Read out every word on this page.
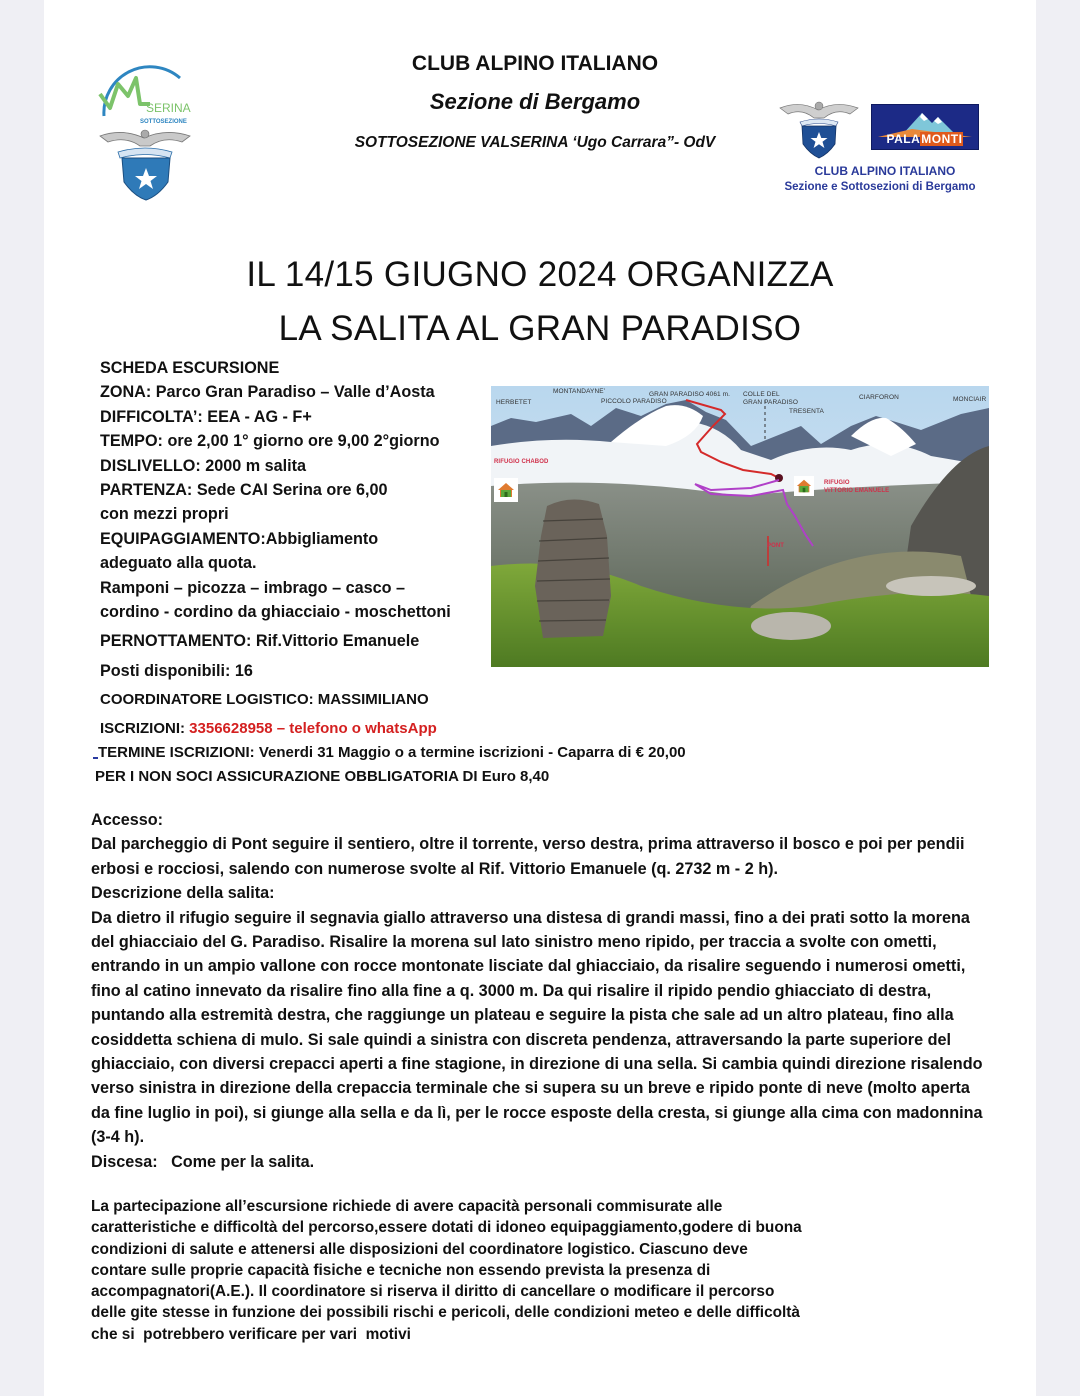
SERINA
SOTTOSEZIONE
CLUB ALPINO ITALIANO
Sezione di Bergamo
SOTTOSEZIONE VALSERINA ‘Ugo Carrara”- OdV	PALAMONTI
CLUB ALPINO ITALIANO
Sezione e Sottosezioni di Bergamo
IL 14/15 GIUGNO 2024 ORGANIZZA
LA SALITA AL GRAN PARADISO
SCHEDA ESCURSIONE
ZONA: Parco Gran Paradiso – Valle d’Aosta
DIFFICOLTA’: EEA - AG - F+
TEMPO: ore 2,00 1° giorno ore 9,00 2°giorno
DISLIVELLO: 2000 m salita
PARTENZA: Sede CAI Serina ore 6,00
con mezzi propri
EQUIPAGGIAMENTO:Abbigliamento
adeguato alla quota.
Ramponi – picozza – imbrago – casco –
cordino - cordino da ghiacciaio - moschettoni
PERNOTTAMENTO: Rif.Vittorio Emanuele
Posti disponibili: 16
COORDINATORE LOGISTICO: MASSIMILIANO
ISCRIZIONI: 3356628958 – telefono o whatsApp
TERMINE ISCRIZIONI: Venerdi 31 Maggio o a termine iscrizioni - Caparra di € 20,00
PER I NON SOCI ASSICURAZIONE OBBLIGATORIA DI Euro 8,40
HERBETET
MONTANDAYNE’
PICCOLO PARADISO
GRAN PARADISO 4061 m. COLLE DEL
GRAN PARADISO
TRESENTA
CIARFORON	MONCIAIR
RIFUGIO CHABOD
RIFUGIO
VITTORIO EMANUELE
PONT

Accesso:

Dal parcheggio di Pont seguire il sentiero, oltre il torrente, verso destra, prima attraverso il bosco e poi per pendii erbosi e rocciosi, salendo con numerose svolte al Rif. Vittorio Emanuele (q. 2732 m - 2 h).

Descrizione della salita:

Da dietro il rifugio seguire il segnavia giallo attraverso una distesa di grandi massi, fino a dei prati sotto la morena del ghiacciaio del G. Paradiso. Risalire la morena sul lato sinistro meno ripido, per traccia a svolte con ometti, entrando in un ampio vallone con rocce montonate lisciate dal ghiacciaio, da risalire seguendo i numerosi ometti, fino al catino innevato da risalire fino alla fine a q. 3000 m. Da qui risalire il ripido pendio ghiacciato di destra, puntando alla estremità destra, che raggiunge un plateau e seguire la pista che sale ad un altro plateau, fino alla cosiddetta schiena di mulo. Si sale quindi a sinistra con discreta pendenza, attraversando la parte superiore del ghiacciaio, con diversi crepacci aperti a fine stagione, in direzione di una sella. Si cambia quindi direzione risalendo verso sinistra in direzione della crepaccia terminale che si supera su un breve e ripido ponte di neve (molto aperta da fine luglio in poi), si giunge alla sella e da lì, per le rocce esposte della cresta, si giunge alla cima con madonnina (3-4 h).

Discesa:   Come per la salita.

La partecipazione all’escursione richiede di avere capacità personali commisurate alle

caratteristiche e difficoltà del percorso,essere dotati di idoneo equipaggiamento,godere di buona

condizioni di salute e attenersi alle disposizioni del coordinatore logistico. Ciascuno deve

contare sulle proprie capacità fisiche e tecniche non essendo prevista la presenza di

accompagnatori(A.E.). Il coordinatore si riserva il diritto di cancellare o modificare il percorso

delle gite stesse in funzione dei possibili rischi e pericoli, delle condizioni meteo e delle difficoltà

che si  potrebbero verificare per vari  motivi
